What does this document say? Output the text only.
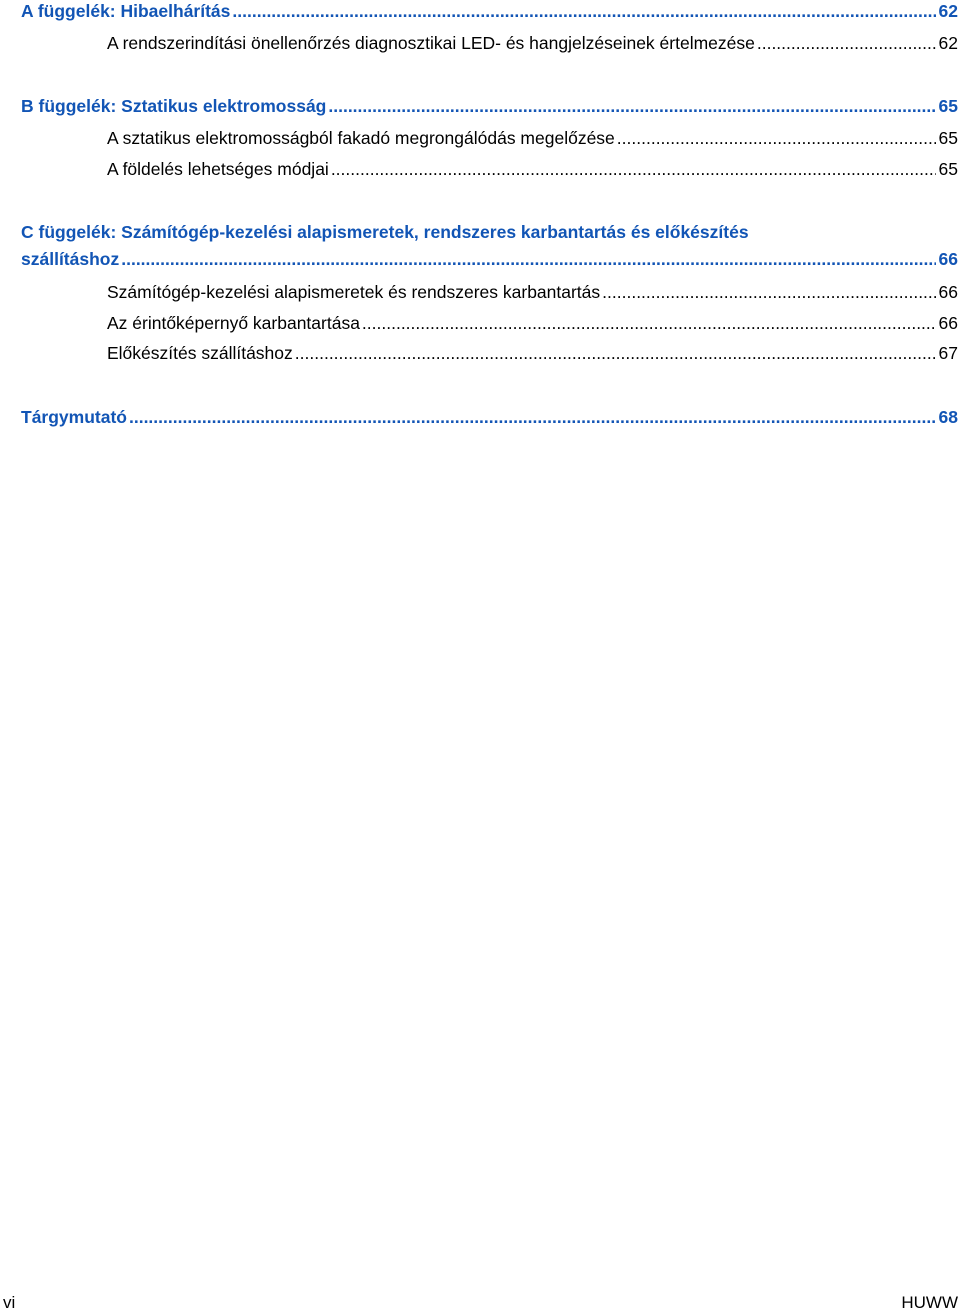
A függelék: Hibaelhárítás .....	62
A rendszerindítási önellenőrzés diagnosztikai LED- és hangjelzéseinek értelmezése .....	62
B függelék: Sztatikus elektromosság .....	65
A sztatikus elektromosságból fakadó megrongálódás megelőzése .....	65
A földelés lehetséges módjai .....	65
C függelék: Számítógép-kezelési alapismeretek, rendszeres karbantartás és előkészítés
szállításhoz .....	66
Számítógép-kezelési alapismeretek és rendszeres karbantartás .....	66
Az érintőképernyő karbantartása .....	66
Előkészítés szállításhoz .....	67
Tárgymutató .....	68
vi	HUWW
